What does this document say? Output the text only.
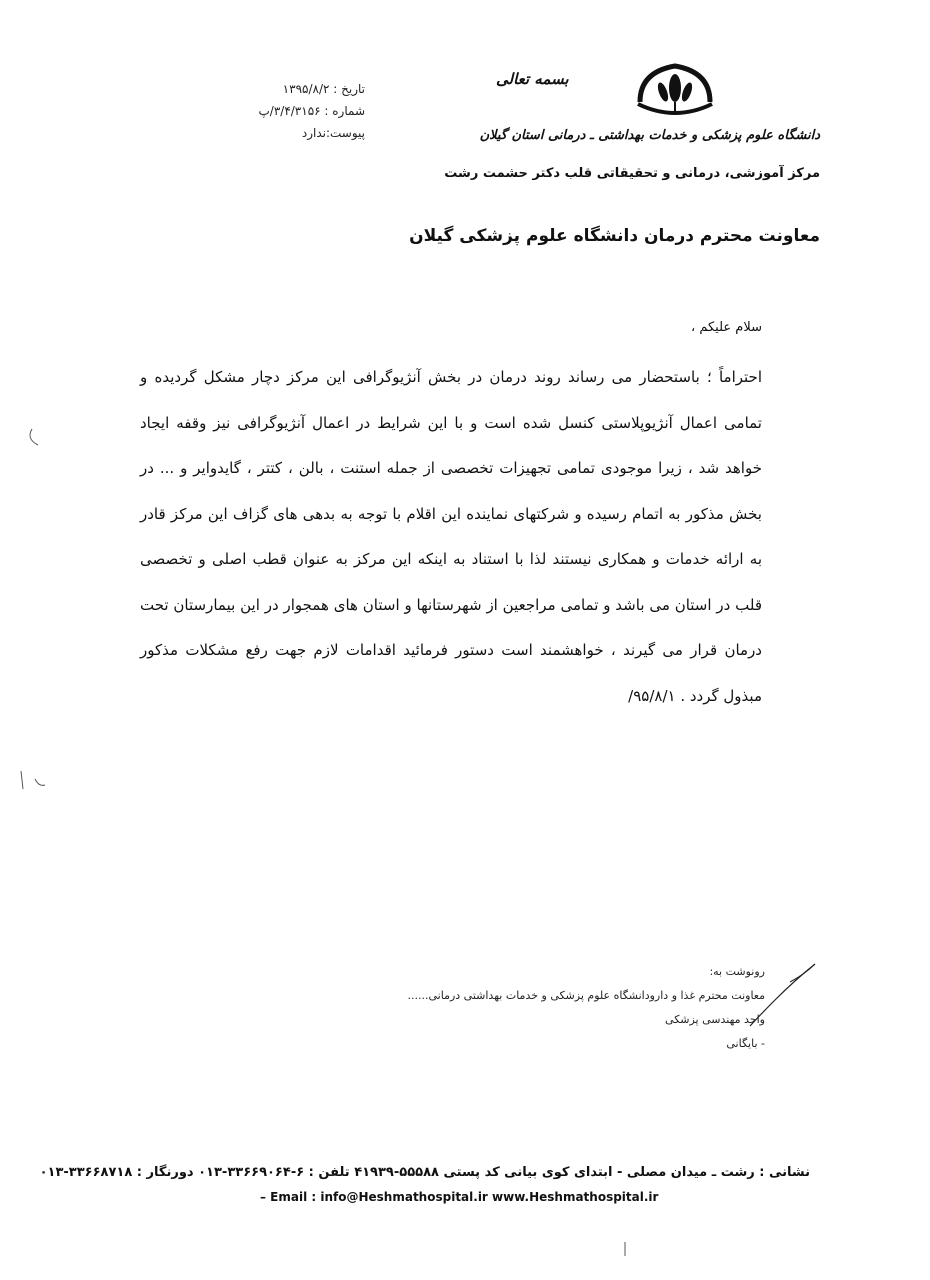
تاریخ : ۱۳۹۵/۸/۲
شماره : ۳/۴/۳۱۵۶/پ
پیوست:ندارد
بسمه تعالی
دانشگاه علوم پزشکی و خدمات بهداشتی ـ درمانی استان گیلان
مرکز آموزشی، درمانی و تحقیقاتی قلب دکتر حشمت رشت
معاونت محترم درمان دانشگاه علوم پزشکی گیلان
سلام علیکم ،
احتراماً ؛ باستحضار می رساند روند درمان در بخش آنژیوگرافی این مرکز دچار مشکل گردیده و
تمامی اعمال آنژیوپلاستی کنسل شده است و با این شرایط در اعمال آنژیوگرافی نیز وقفه ایجاد
خواهد شد ، زیرا موجودی تمامی تجهیزات تخصصی از جمله استنت ، بالن ، کتتر ، گایدوایر و ... در
بخش مذکور به اتمام رسیده و شرکتهای نماینده این اقلام با توجه به بدهی های گزاف این مرکز قادر
به ارائه خدمات و همکاری نیستند لذا با استناد به اینکه این مرکز به عنوان قطب اصلی و تخصصی
قلب در استان می باشد و تمامی مراجعین از شهرستانها و استان های همجوار در این بیمارستان تحت
درمان قرار می گیرند ، خواهشمند است دستور فرمائید اقدامات لازم جهت رفع مشکلات مذکور
مبذول گردد . ۹۵/۸/۱/
رونوشت به:
معاونت محترم غذا و دارودانشگاه علوم پزشکی و خدمات بهداشتی درمانی......
واحد مهندسی پزشکی
- بایگانی
نشانی : رشت ـ میدان مصلی - ابتدای کوی بیانی کد پستی ۵۵۵۸۸-۴۱۹۳۹ تلفن : ۶-۳۳۶۶۹۰۶۴-۰۱۳ دورنگار : ۳۳۶۶۸۷۱۸-۰۱۳
– Email : info@Heshmathospital.ir www.Heshmathospital.ir
